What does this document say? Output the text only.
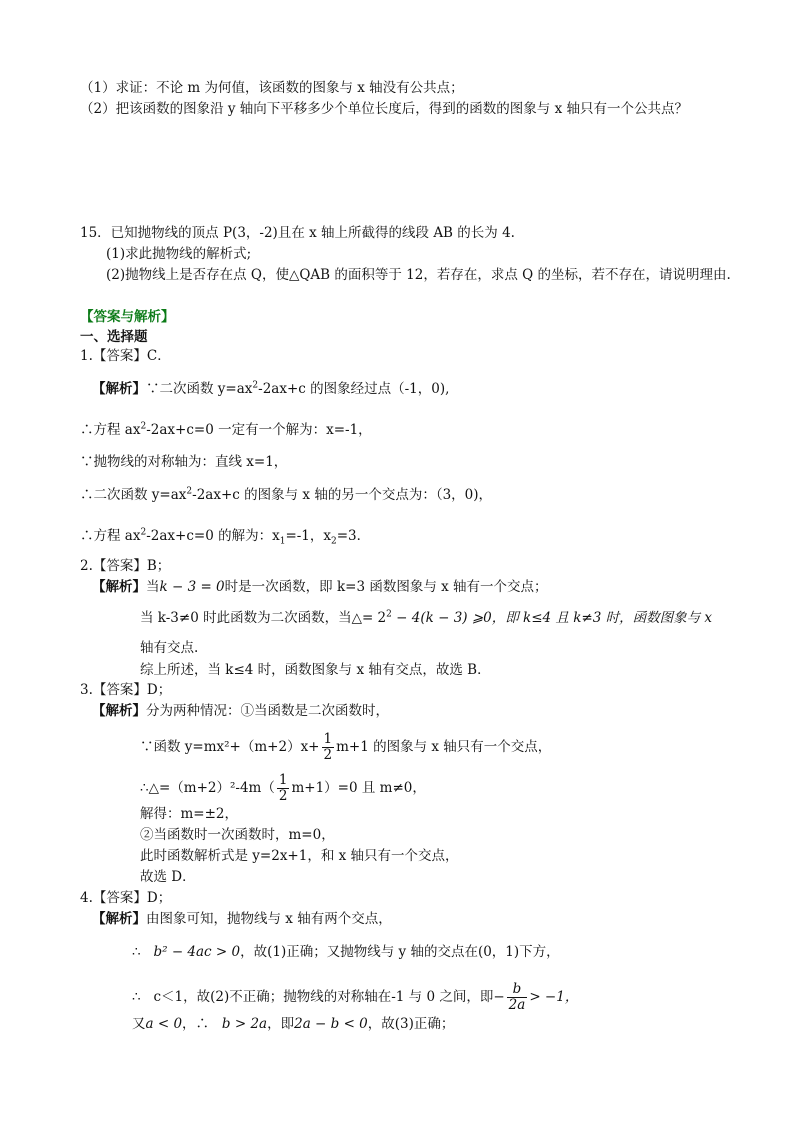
（1）求证：不论 m 为何值，该函数的图象与 x 轴没有公共点；
（2）把该函数的图象沿 y 轴向下平移多少个单位长度后，得到的函数的图象与 x 轴只有一个公共点？
15．已知抛物线的顶点 P(3，-2)且在 x 轴上所截得的线段 AB 的长为 4.
(1)求此抛物线的解析式;
(2)抛物线上是否存在点 Q，使△QAB 的面积等于 12，若存在，求点 Q 的坐标，若不存在，请说明理由.
【答案与解析】
一、选择题
1.【答案】C．
【解析】∵二次函数 $y=ax^2-2ax+c$ 的图象经过点（-1，0),
∴方程 $ax^2-2ax+c=0$ 一定有一个解为：x=-1，
∵抛物线的对称轴为：直线 x=1，
∴二次函数 $y=ax^2-2ax+c$ 的图象与 x 轴的另一个交点为：（3，0)，
∴方程 $ax^2-2ax+c=0$ 的解为：$x_1=-1$，$x_2=3$．
2.【答案】B；
【解析】当k − 3 = 0时是一次函数，即 k=3 函数图象与 x 轴有一个交点；
当 k-3≠0 时此函数为二次函数，当△= $2^2 - 4(k - 3)$ ⩾0，即 k≤4 且 k≠3 时，函数图象与 x
轴有交点.
综上所述，当 k≤4 时，函数图象与 x 轴有交点，故选 B．
3.【答案】D；
【解析】分为两种情况：①当函数是二次函数时，
∵函数 $y=mx^2+(m+2)x+ \frac{1}{2} m+1$ 的图象与 x 轴只有一个交点，
∴△=（m+2）²-4m（ $\frac{1}{2} m+1)=0$ 且 m≠0，
解得：m=±2，
②当函数时一次函数时，m=0，
此时函数解析式是 y=2x+1，和 x 轴只有一个交点，
故选 D．
4.【答案】D；
【解析】由图象可知，抛物线与 x 轴有两个交点，
∴ b² − 4ac > 0，故(1)正确；又抛物线与 y 轴的交点在(0，1)下方，
∴ c＜1，故(2)不正确；抛物线的对称轴在-1 与 0 之间，即− $\frac{b}{2a} > -1$，
又a < 0，∴ b > 2a，即2a − b < 0，故(3)正确；
